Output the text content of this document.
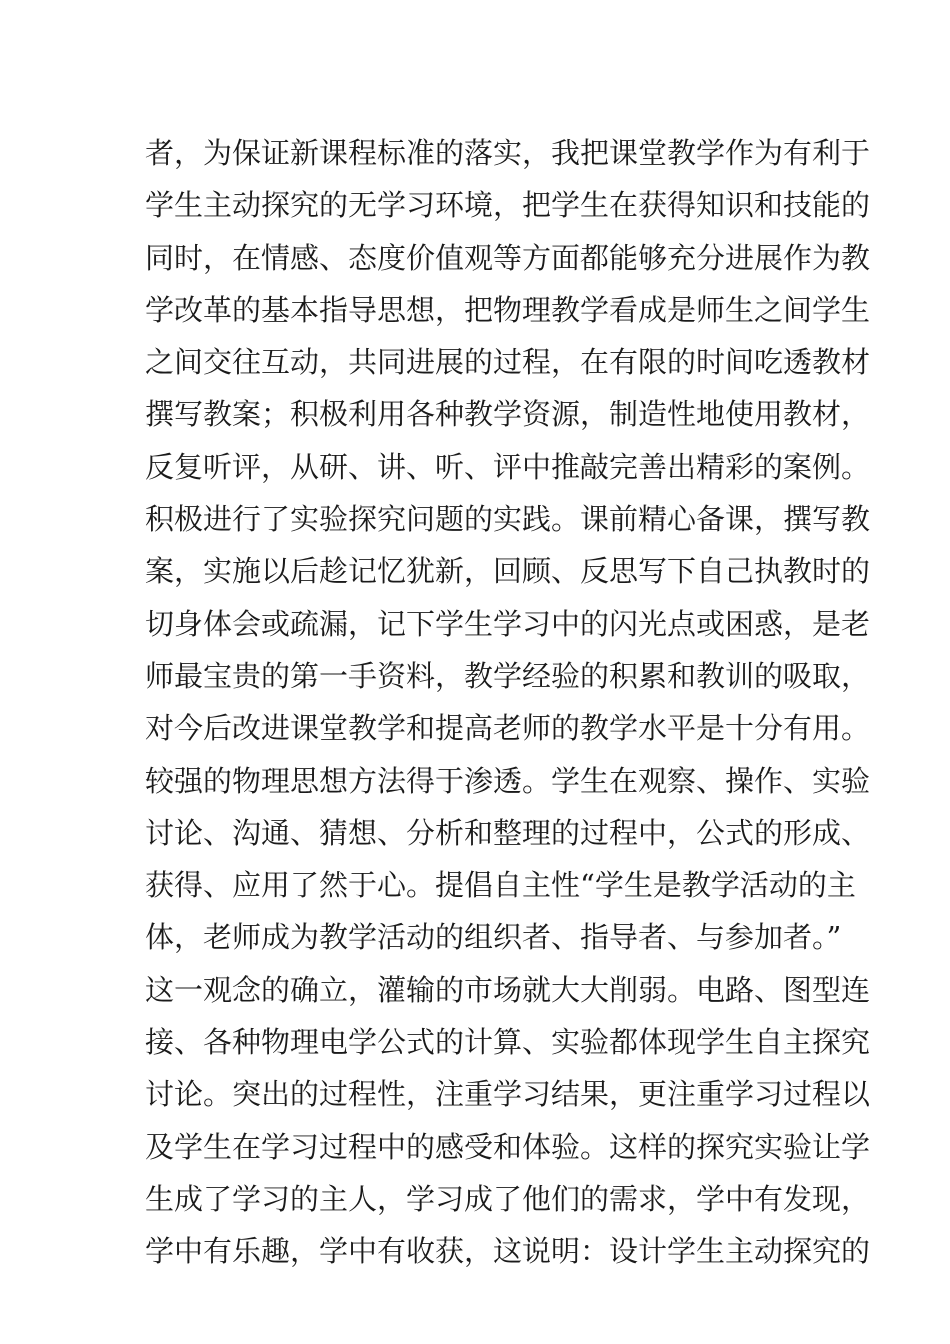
者，为保证新课程标准的落实，我把课堂教学作为有利于
学生主动探究的无学习环境，把学生在获得知识和技能的
同时，在情感、态度价值观等方面都能够充分进展作为教
学改革的基本指导思想，把物理教学看成是师生之间学生
之间交往互动，共同进展的过程，在有限的时间吃透教材
撰写教案；积极利用各种教学资源，制造性地使用教材，
反复听评，从研、讲、听、评中推敲完善出精彩的案例。
积极进行了实验探究问题的实践。课前精心备课，撰写教
案，实施以后趁记忆犹新，回顾、反思写下自己执教时的
切身体会或疏漏，记下学生学习中的闪光点或困惑，是老
师最宝贵的第一手资料，教学经验的积累和教训的吸取，
对今后改进课堂教学和提高老师的教学水平是十分有用。
较强的物理思想方法得于渗透。学生在观察、操作、实验
讨论、沟通、猜想、分析和整理的过程中，公式的形成、
获得、应用了然于心。提倡自主性“学生是教学活动的主
体，老师成为教学活动的组织者、指导者、与参加者。”
这一观念的确立，灌输的市场就大大削弱。电路、图型连
接、各种物理电学公式的计算、实验都体现学生自主探究
讨论。突出的过程性，注重学习结果，更注重学习过程以
及学生在学习过程中的感受和体验。这样的探究实验让学
生成了学习的主人，学习成了他们的需求，学中有发现，
学中有乐趣，学中有收获，这说明：设计学生主动探究的
